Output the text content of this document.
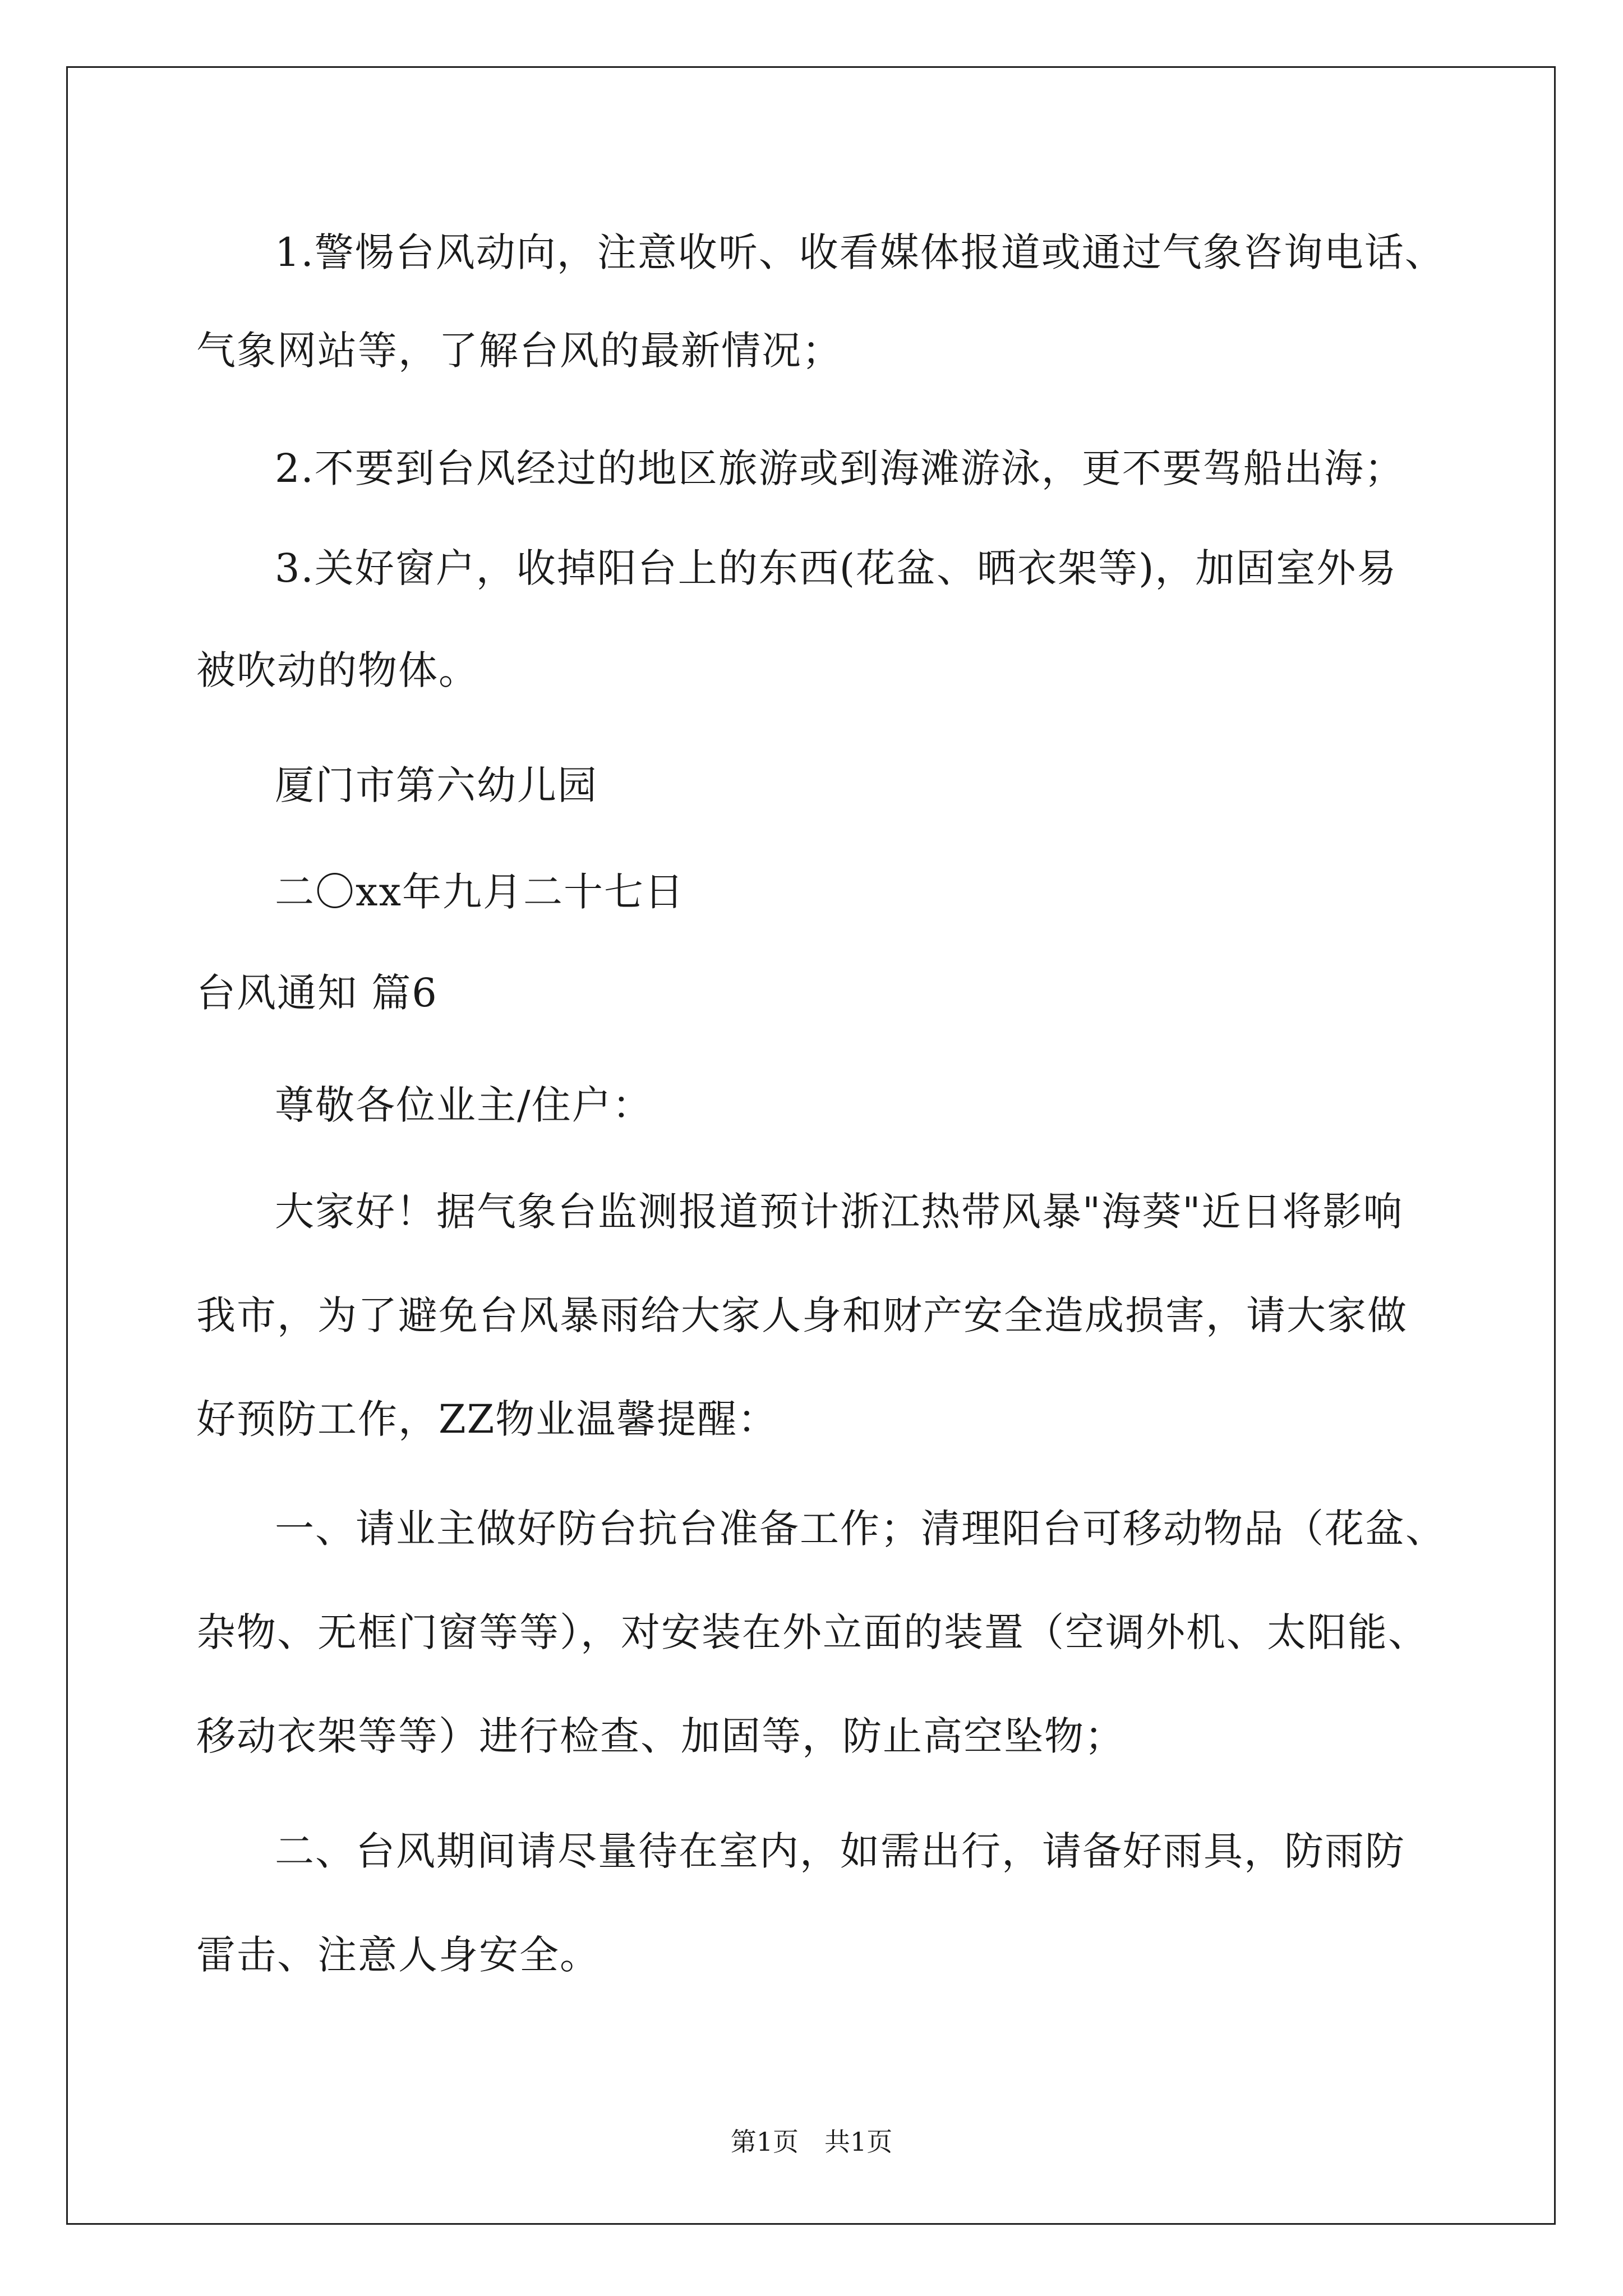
1.警惕台风动向，注意收听、收看媒体报道或通过气象咨询电话、
气象网站等，了解台风的最新情况；
2.不要到台风经过的地区旅游或到海滩游泳，更不要驾船出海；
3.关好窗户，收掉阳台上的东西(花盆、晒衣架等)，加固室外易
被吹动的物体。
厦门市第六幼儿园
二〇xx年九月二十七日
台风通知 篇6
尊敬各位业主/住户：
大家好！据气象台监测报道预计浙江热带风暴"海葵"近日将影响
我市，为了避免台风暴雨给大家人身和财产安全造成损害，请大家做
好预防工作，ZZ物业温馨提醒：
一、请业主做好防台抗台准备工作；清理阳台可移动物品（花盆、
杂物、无框门窗等等），对安装在外立面的装置（空调外机、太阳能、
移动衣架等等）进行检查、加固等，防止高空坠物；
二、台风期间请尽量待在室内，如需出行，请备好雨具，防雨防
雷击、注意人身安全。
第1页　共1页
